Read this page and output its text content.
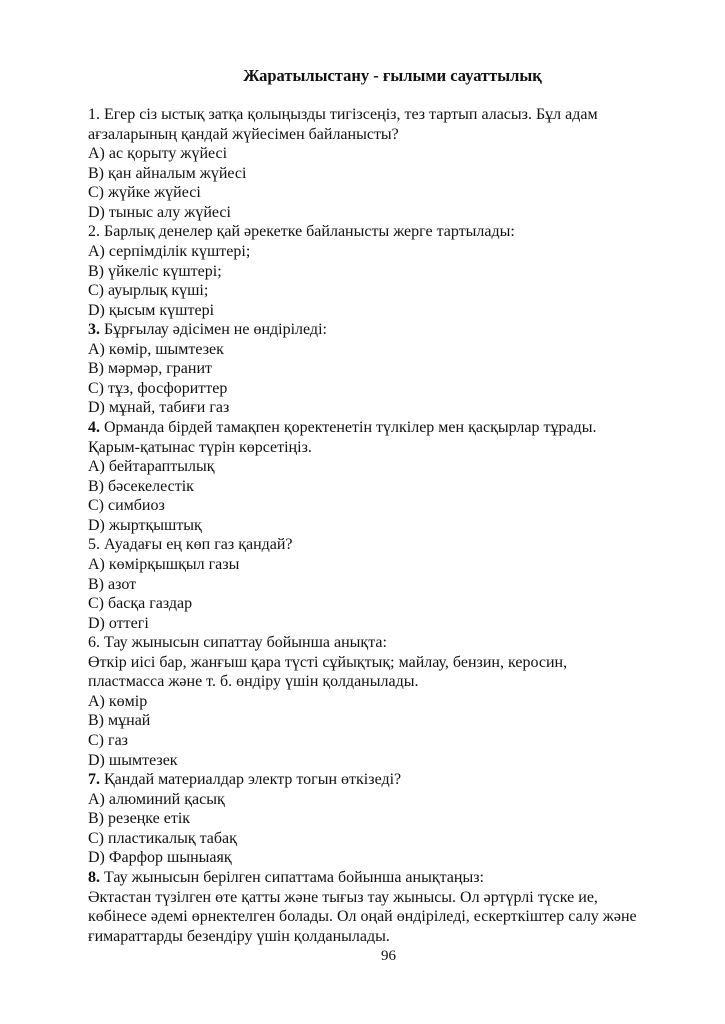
Жаратылыстану - ғылыми сауаттылық
1. Егер сіз ыстық затқа қолыңызды тигізсеңіз, тез тартып аласыз. Бұл адам
ағзаларының қандай жүйесімен байланысты?
A) ас қорыту жүйесі
B) қан айналым жүйесі
C) жүйке жүйесі
D) тыныс алу жүйесі
2. Барлық денелер қай әрекетке байланысты жерге тартылады:
A) серпімділік күштері;
B) үйкеліс күштері;
C) ауырлық күші;
D) қысым күштері
3. Бұрғылау әдісімен не өндіріледі:
A) көмір, шымтезек
B) мәрмәр, гранит
C) тұз, фосфориттер
D) мұнай, табиғи газ
4. Орманда бірдей тамақпен қоректенетін түлкілер мен қасқырлар тұрады.
Қарым-қатынас түрін көрсетіңіз.
A) бейтараптылық
B) бәсекелестік
C) симбиоз
D) жыртқыштық
5. Ауадағы ең көп газ қандай?
A) көмірқышқыл газы
B) азот
C) басқа газдар
D) оттегі
6. Тау жынысын сипаттау бойынша анықта:
Өткір иісі бар, жанғыш қара түсті сұйықтық; майлау, бензин, керосин,
пластмасса және т. б. өндіру үшін қолданылады.
A) көмір
B) мұнай
C) газ
D) шымтезек
7. Қандай материалдар электр тогын өткізеді?
A) алюминий қасық
B) резеңке етік
C) пластикалық табақ
D) Фарфор шыныаяқ
8. Тау жынысын берілген сипаттама бойынша анықтаңыз:
Әктастан түзілген өте қатты және тығыз тау жынысы. Ол әртүрлі түске ие,
көбінесе әдемі өрнектелген болады. Ол оңай өндіріледі, ескерткіштер салу және
ғимараттарды безендіру үшін қолданылады.
96
